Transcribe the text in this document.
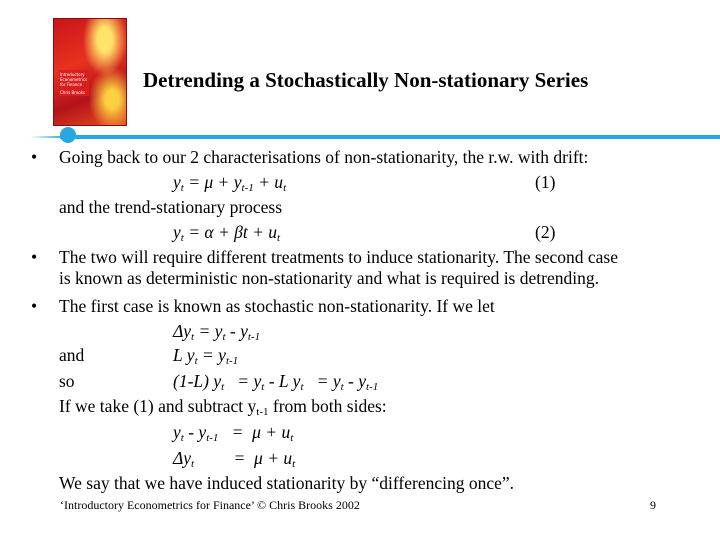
Introductory
Econometrics
for Finance
Chris Brooks
Detrending a Stochastically Non-stationary Series
• Going back to our 2 characterisations of non-stationarity, the r.w. with drift:
$y_t = \mu + y_{t-1} + u_t$	(1)
and the trend-stationary process
$y_t = \alpha + \beta t + u_t$	(2)
• The two will require different treatments to induce stationarity. The second case
is known as deterministic non-stationarity and what is required is detrending.
• The first case is known as stochastic non-stationarity. If we let
$\Delta y_t = y_t - y_{t-1}$
and	L $y_t = y_{t-1}$
so	(1-L) $y_t = y_t - L$ $y_t = y_t - y_{t-1}$
If we take (1) and subtract $y_{t-1}$ from both sides:
$y_t - y_{t-1} = \mu + u_t$
$\Delta y_t$         =  $\mu + u_t$
We say that we have induced stationarity by “differencing once”.
‘Introductory Econometrics for Finance’ © Chris Brooks 2002	9
